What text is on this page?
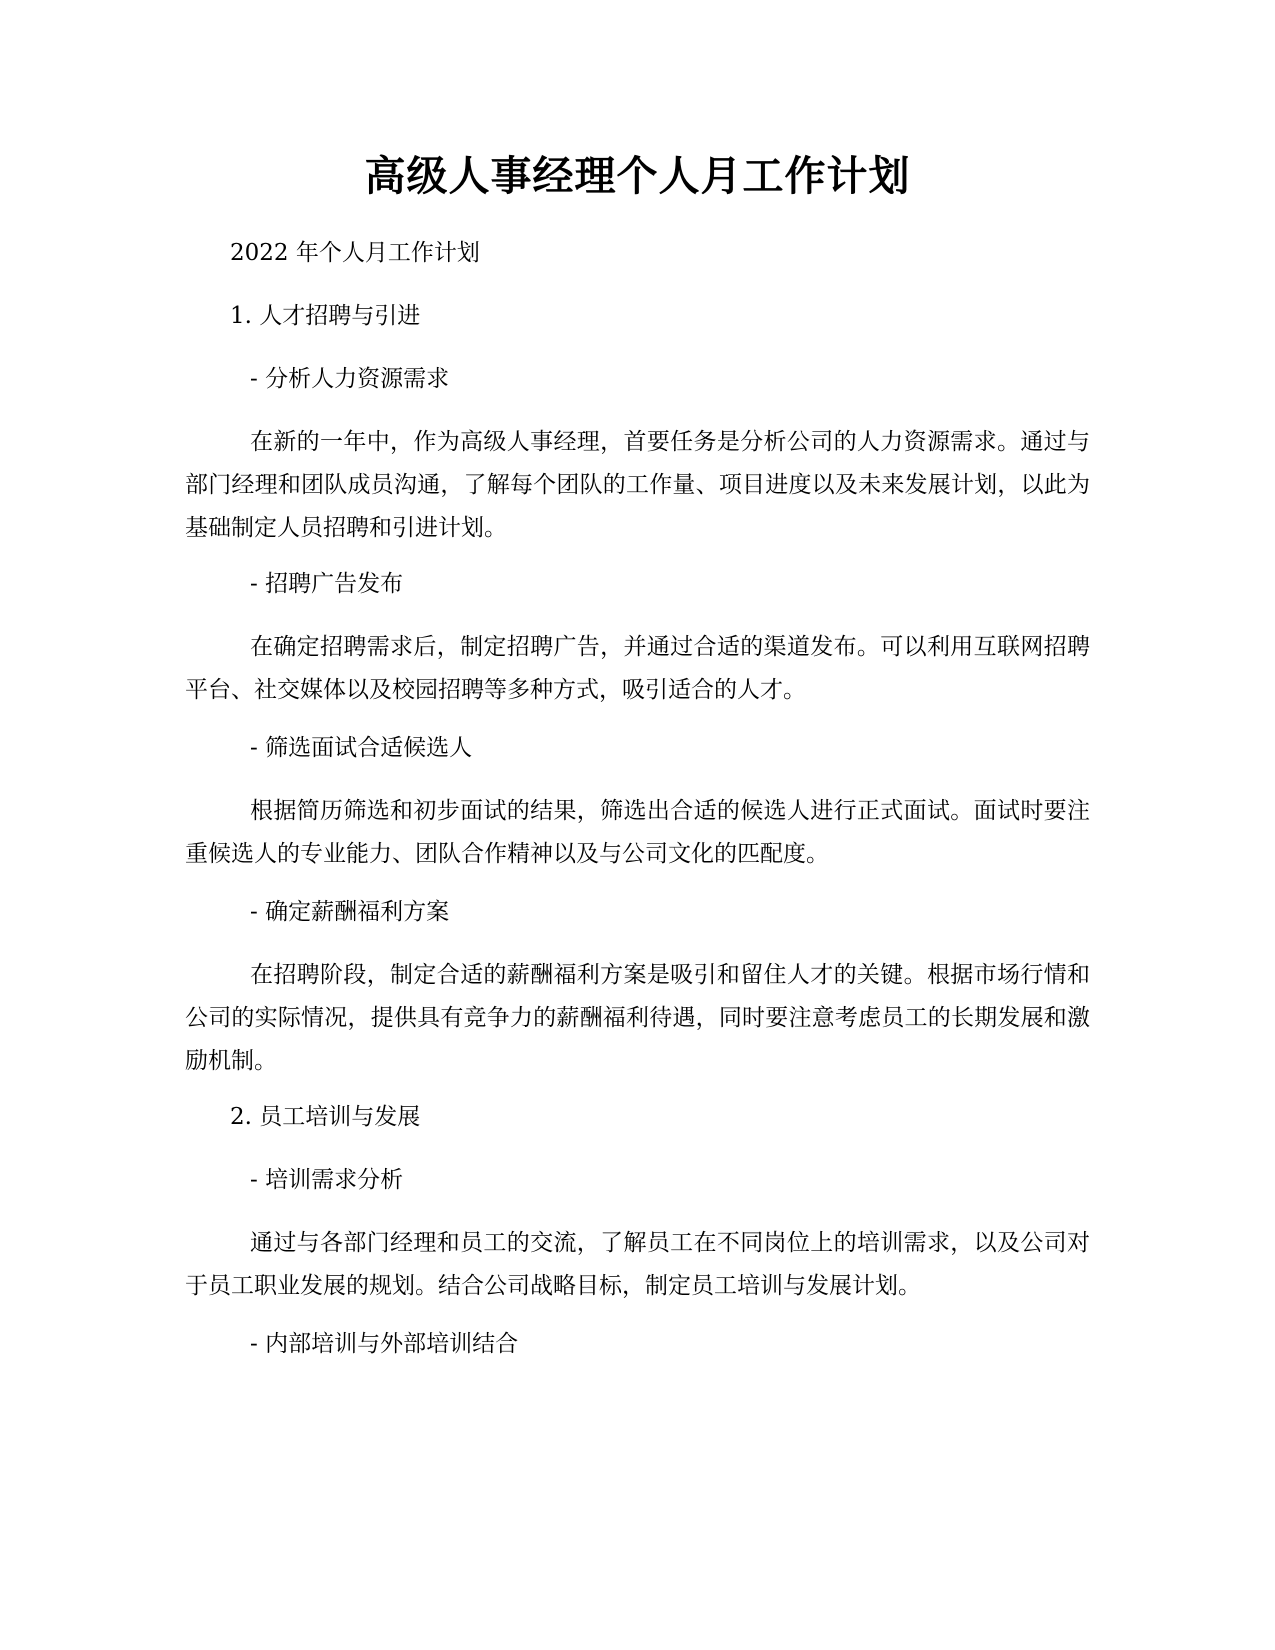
高级人事经理个人月工作计划

2022 年个人月工作计划

1. 人才招聘与引进

- 分析人力资源需求

在新的一年中，作为高级人事经理，首要任务是分析公司的人力资源需求。通过与部门经理和团队成员沟通，了解每个团队的工作量、项目进度以及未来发展计划，以此为基础制定人员招聘和引进计划。

- 招聘广告发布

在确定招聘需求后，制定招聘广告，并通过合适的渠道发布。可以利用互联网招聘平台、社交媒体以及校园招聘等多种方式，吸引适合的人才。

- 筛选面试合适候选人

根据简历筛选和初步面试的结果，筛选出合适的候选人进行正式面试。面试时要注重候选人的专业能力、团队合作精神以及与公司文化的匹配度。

- 确定薪酬福利方案

在招聘阶段，制定合适的薪酬福利方案是吸引和留住人才的关键。根据市场行情和公司的实际情况，提供具有竞争力的薪酬福利待遇，同时要注意考虑员工的长期发展和激励机制。

2. 员工培训与发展

- 培训需求分析

通过与各部门经理和员工的交流，了解员工在不同岗位上的培训需求，以及公司对于员工职业发展的规划。结合公司战略目标，制定员工培训与发展计划。

- 内部培训与外部培训结合
